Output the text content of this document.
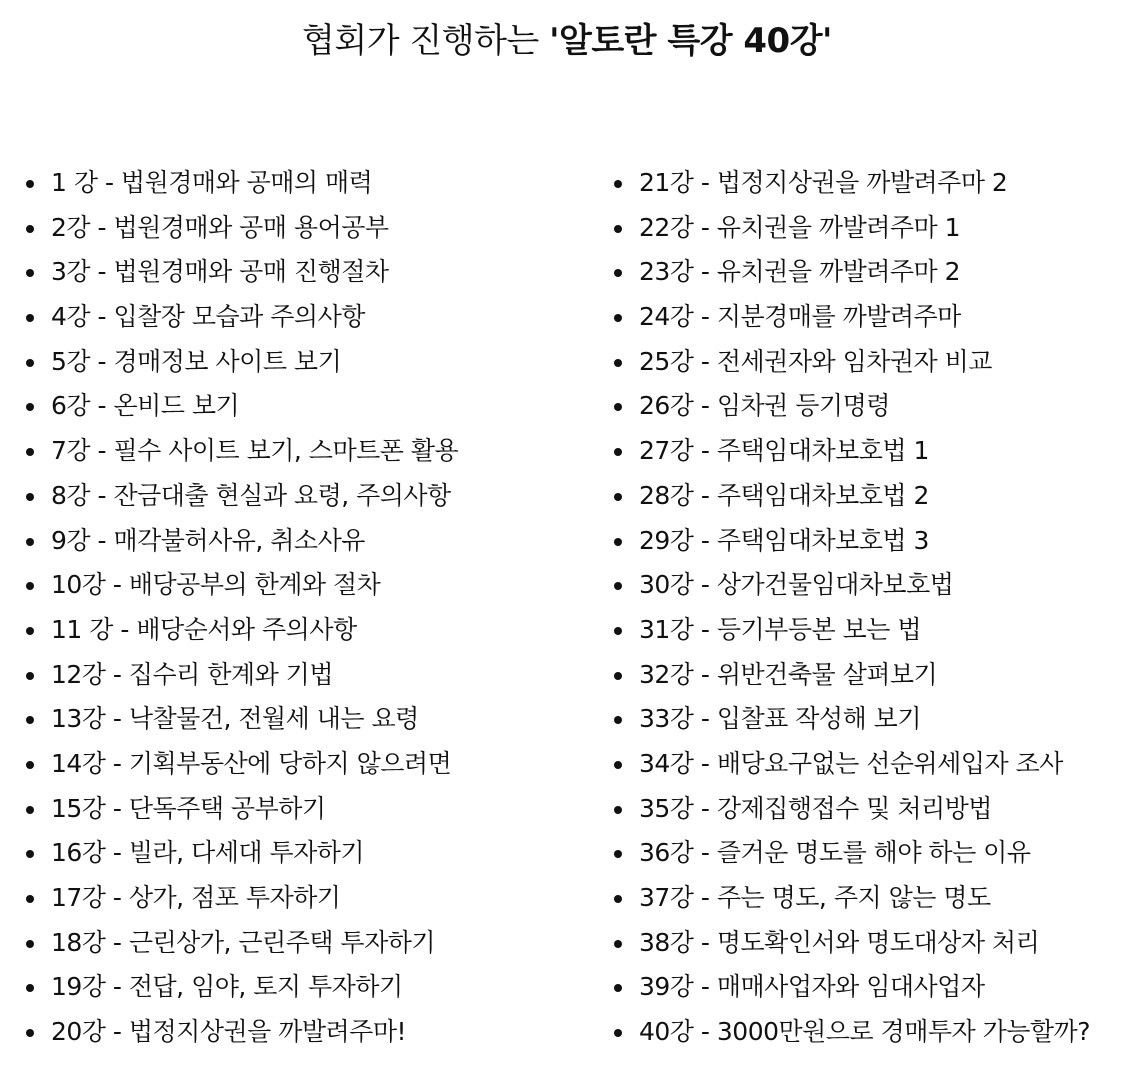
협회가 진행하는 '알토란 특강 40강'
1 강 - 법원경매와 공매의 매력
2강 - 법원경매와 공매 용어공부
3강 - 법원경매와 공매 진행절차
4강 - 입찰장 모습과 주의사항
5강 - 경매정보 사이트 보기
6강 - 온비드 보기
7강 - 필수 사이트 보기, 스마트폰 활용
8강 - 잔금대출 현실과 요령, 주의사항
9강 - 매각불허사유, 취소사유
10강 - 배당공부의 한계와 절차
11 강 - 배당순서와 주의사항
12강 - 집수리 한계와 기법
13강 - 낙찰물건, 전월세 내는 요령
14강 - 기획부동산에 당하지 않으려면
15강 - 단독주택 공부하기
16강 - 빌라, 다세대 투자하기
17강 - 상가, 점포 투자하기
18강 - 근린상가, 근린주택 투자하기
19강 - 전답, 임야, 토지 투자하기
20강 - 법정지상권을 까발려주마!
21강 - 법정지상권을 까발려주마 2
22강 - 유치권을 까발려주마 1
23강 - 유치권을 까발려주마 2
24강 - 지분경매를 까발려주마
25강 - 전세권자와 임차권자 비교
26강 - 임차권 등기명령
27강 - 주택임대차보호법 1
28강 - 주택임대차보호법 2
29강 - 주택임대차보호법 3
30강 - 상가건물임대차보호법
31강 - 등기부등본 보는 법
32강 - 위반건축물 살펴보기
33강 - 입찰표 작성해 보기
34강 - 배당요구없는 선순위세입자 조사
35강 - 강제집행접수 및 처리방법
36강 - 즐거운 명도를 해야 하는 이유
37강 - 주는 명도, 주지 않는 명도
38강 - 명도확인서와 명도대상자 처리
39강 - 매매사업자와 임대사업자
40강 - 3000만원으로 경매투자 가능할까?
